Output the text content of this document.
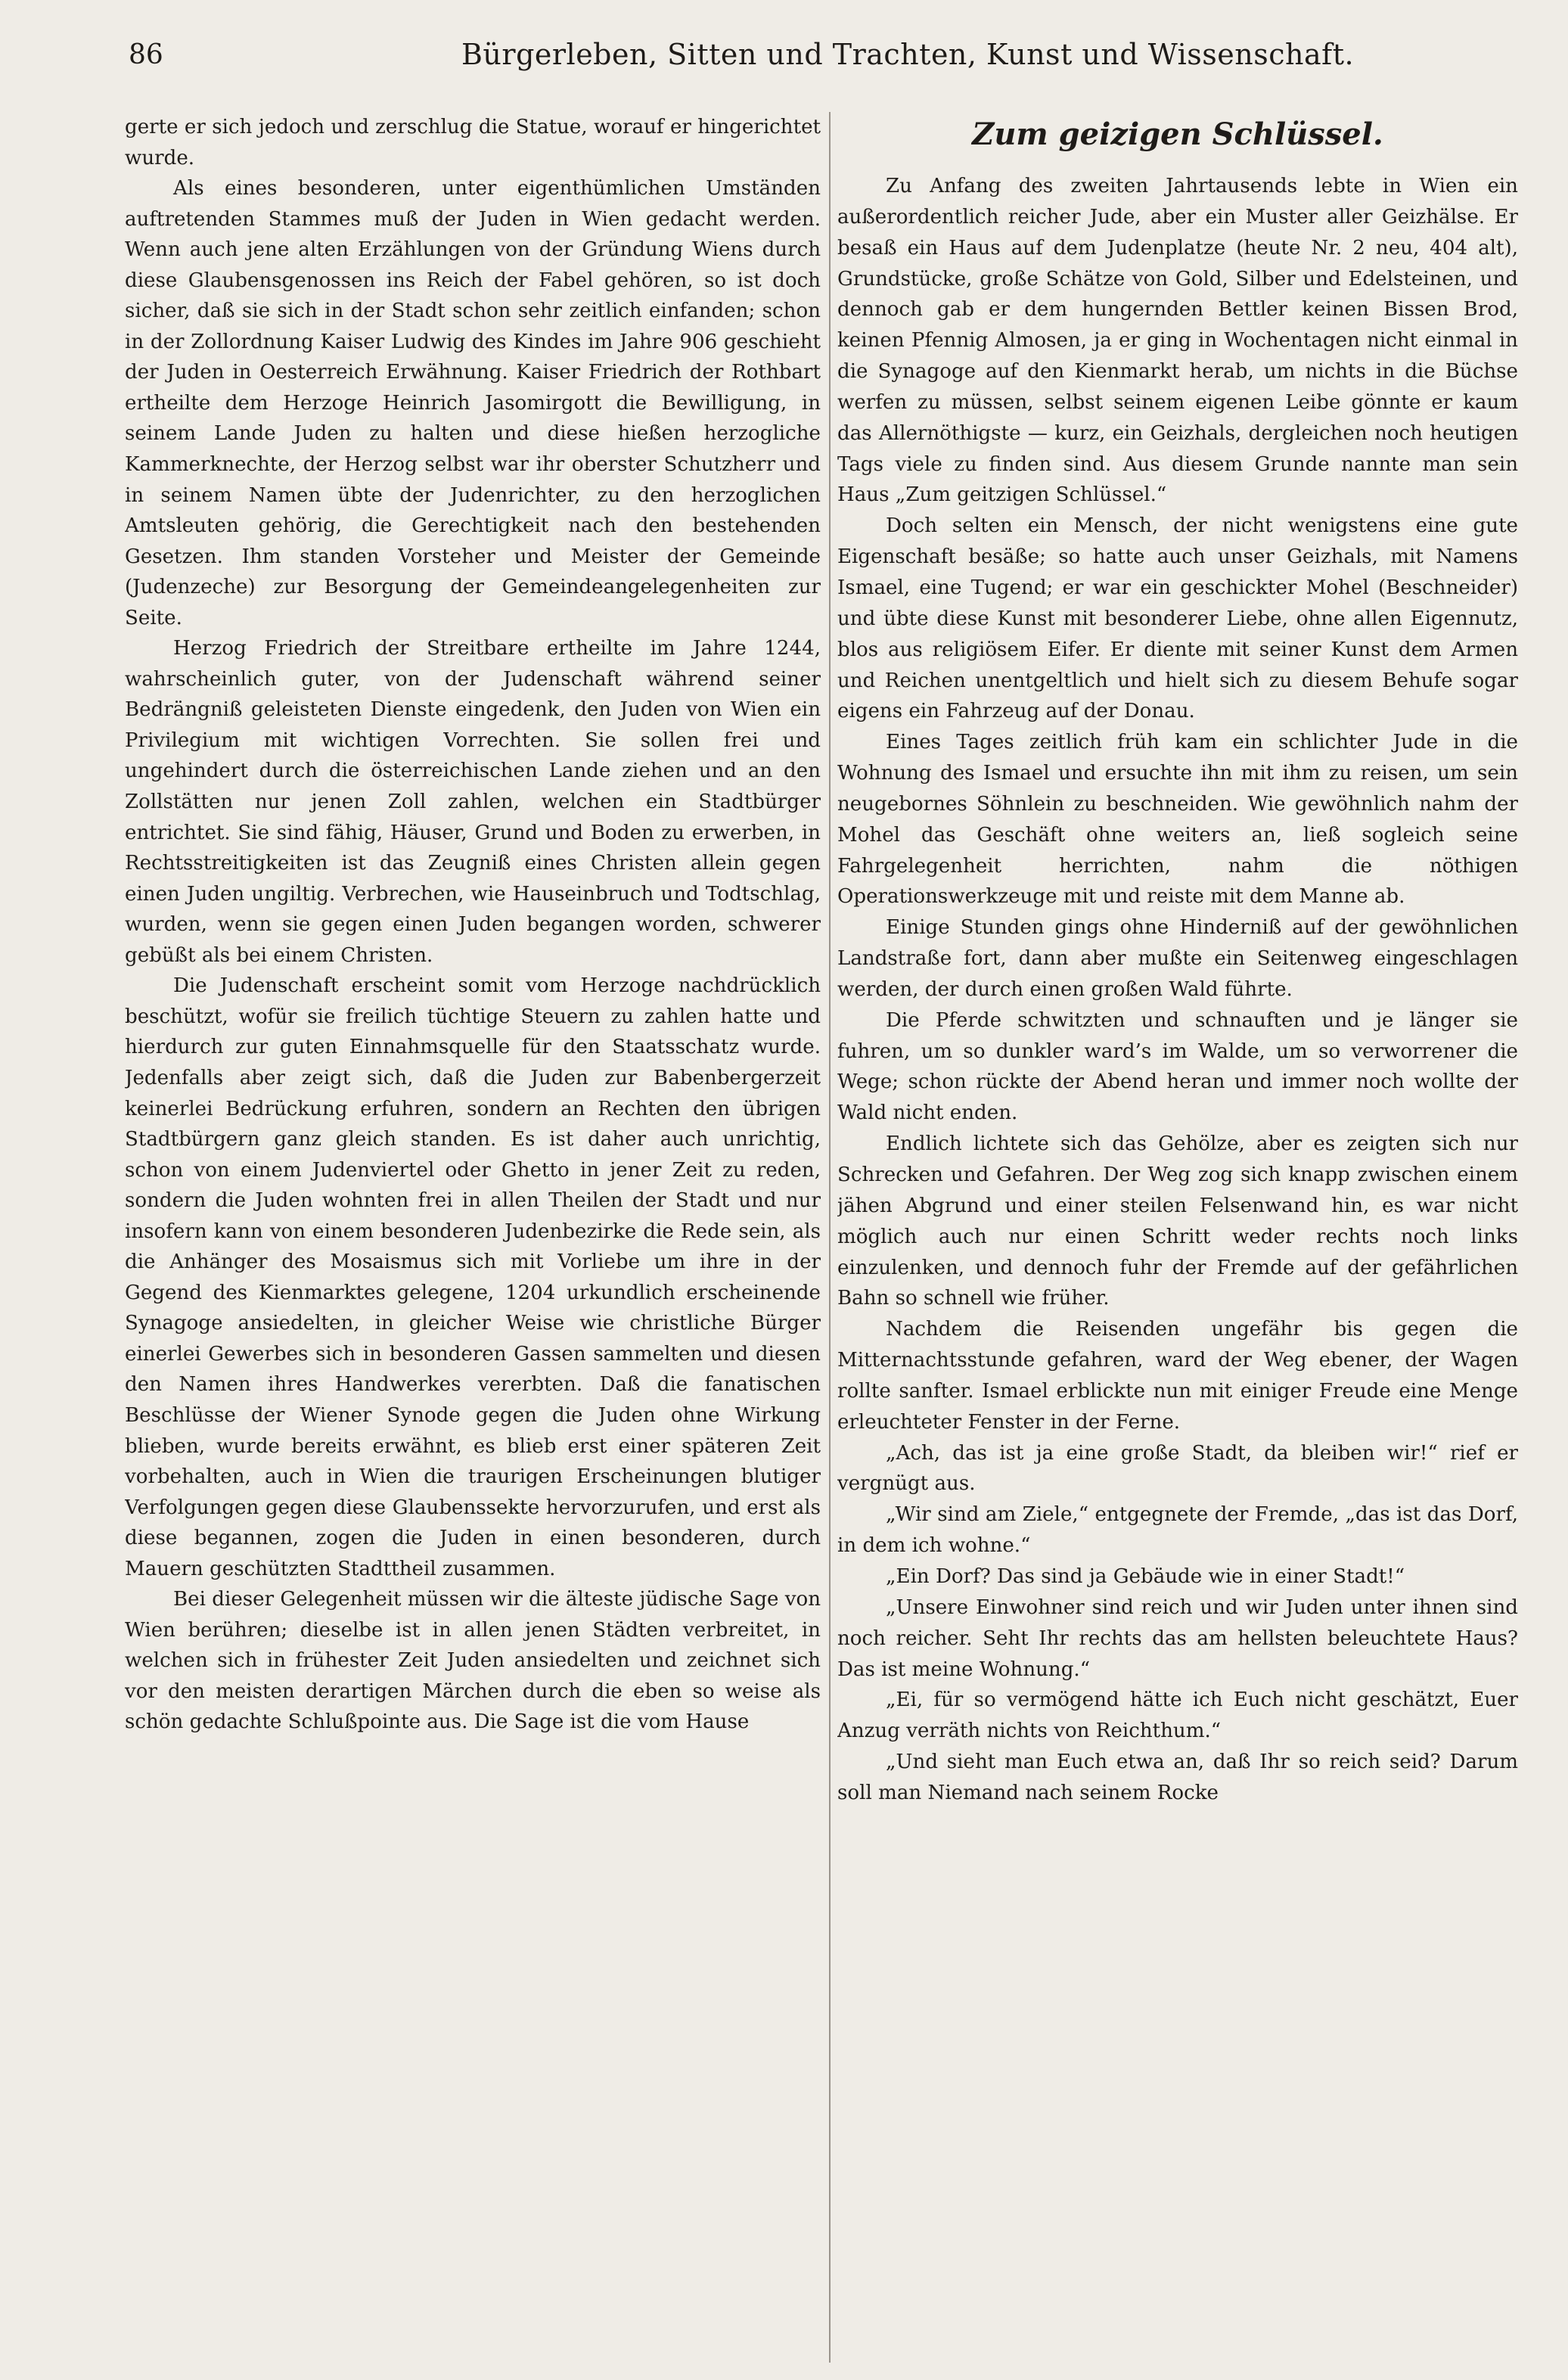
86	Bürgerleben, Sitten und Trachten, Kunst und Wissenschaft.

gerte er sich jedoch und zerschlug die Statue, worauf er hingerichtet wurde.

Als eines besonderen, unter eigenthümlichen Umständen auftretenden Stammes muß der Juden in Wien gedacht werden. Wenn auch jene alten Erzählungen von der Gründung Wiens durch diese Glaubensgenossen ins Reich der Fabel gehören, so ist doch sicher, daß sie sich in der Stadt schon sehr zeitlich einfanden; schon in der Zollordnung Kaiser Ludwig des Kindes im Jahre 906 geschieht der Juden in Oesterreich Erwähnung. Kaiser Friedrich der Rothbart ertheilte dem Herzoge Heinrich Jasomirgott die Bewilligung, in seinem Lande Juden zu halten und diese hießen herzogliche Kammerknechte, der Herzog selbst war ihr oberster Schutzherr und in seinem Namen übte der Judenrichter, zu den herzoglichen Amtsleuten gehörig, die Gerechtigkeit nach den bestehenden Gesetzen. Ihm standen Vorsteher und Meister der Gemeinde (Judenzeche) zur Besorgung der Gemeindeangelegenheiten zur Seite.

Herzog Friedrich der Streitbare ertheilte im Jahre 1244, wahrscheinlich guter, von der Judenschaft während seiner Bedrängniß geleisteten Dienste eingedenk, den Juden von Wien ein Privilegium mit wichtigen Vorrechten. Sie sollen frei und ungehindert durch die österreichischen Lande ziehen und an den Zollstätten nur jenen Zoll zahlen, welchen ein Stadtbürger entrichtet. Sie sind fähig, Häuser, Grund und Boden zu erwerben, in Rechtsstreitigkeiten ist das Zeugniß eines Christen allein gegen einen Juden ungiltig. Verbrechen, wie Hauseinbruch und Todtschlag, wurden, wenn sie gegen einen Juden begangen worden, schwerer gebüßt als bei einem Christen.

Die Judenschaft erscheint somit vom Herzoge nachdrücklich beschützt, wofür sie freilich tüchtige Steuern zu zahlen hatte und hierdurch zur guten Einnahmsquelle für den Staatsschatz wurde. Jedenfalls aber zeigt sich, daß die Juden zur Babenbergerzeit keinerlei Bedrückung erfuhren, sondern an Rechten den übrigen Stadtbürgern ganz gleich standen. Es ist daher auch unrichtig, schon von einem Judenviertel oder Ghetto in jener Zeit zu reden, sondern die Juden wohnten frei in allen Theilen der Stadt und nur insofern kann von einem besonderen Judenbezirke die Rede sein, als die Anhänger des Mosaismus sich mit Vorliebe um ihre in der Gegend des Kienmarktes gelegene, 1204 urkundlich erscheinende Synagoge ansiedelten, in gleicher Weise wie christliche Bürger einerlei Gewerbes sich in besonderen Gassen sammelten und diesen den Namen ihres Handwerkes vererbten. Daß die fanatischen Beschlüsse der Wiener Synode gegen die Juden ohne Wirkung blieben, wurde bereits erwähnt, es blieb erst einer späteren Zeit vorbehalten, auch in Wien die traurigen Erscheinungen blutiger Verfolgungen gegen diese Glaubenssekte hervorzurufen, und erst als diese begannen, zogen die Juden in einen besonderen, durch Mauern geschützten Stadttheil zusammen.

Bei dieser Gelegenheit müssen wir die älteste jüdische Sage von Wien berühren; dieselbe ist in allen jenen Städten verbreitet, in welchen sich in frühester Zeit Juden ansiedelten und zeichnet sich vor den meisten derartigen Märchen durch die eben so weise als schön gedachte Schlußpointe aus. Die Sage ist die vom Hause

Zum geizigen Schlüssel.

Zu Anfang des zweiten Jahrtausends lebte in Wien ein außerordentlich reicher Jude, aber ein Muster aller Geizhälse. Er besaß ein Haus auf dem Judenplatze (heute Nr. 2 neu, 404 alt), Grundstücke, große Schätze von Gold, Silber und Edelsteinen, und dennoch gab er dem hungernden Bettler keinen Bissen Brod, keinen Pfennig Almosen, ja er ging in Wochentagen nicht einmal in die Synagoge auf den Kienmarkt herab, um nichts in die Büchse werfen zu müssen, selbst seinem eigenen Leibe gönnte er kaum das Allernöthigste — kurz, ein Geizhals, dergleichen noch heutigen Tags viele zu finden sind. Aus diesem Grunde nannte man sein Haus „Zum geitzigen Schlüssel.“

Doch selten ein Mensch, der nicht wenigstens eine gute Eigenschaft besäße; so hatte auch unser Geizhals, mit Namens Ismael, eine Tugend; er war ein geschickter Mohel (Beschneider) und übte diese Kunst mit besonderer Liebe, ohne allen Eigennutz, blos aus religiösem Eifer. Er diente mit seiner Kunst dem Armen und Reichen unentgeltlich und hielt sich zu diesem Behufe sogar eigens ein Fahrzeug auf der Donau.

Eines Tages zeitlich früh kam ein schlichter Jude in die Wohnung des Ismael und ersuchte ihn mit ihm zu reisen, um sein neugebornes Söhnlein zu beschneiden. Wie gewöhnlich nahm der Mohel das Geschäft ohne weiters an, ließ sogleich seine Fahrgelegenheit herrichten, nahm die nöthigen Operationswerkzeuge mit und reiste mit dem Manne ab.

Einige Stunden gings ohne Hinderniß auf der gewöhnlichen Landstraße fort, dann aber mußte ein Seitenweg eingeschlagen werden, der durch einen großen Wald führte.

Die Pferde schwitzten und schnauften und je länger sie fuhren, um so dunkler ward’s im Walde, um so verworrener die Wege; schon rückte der Abend heran und immer noch wollte der Wald nicht enden.

Endlich lichtete sich das Gehölze, aber es zeigten sich nur Schrecken und Gefahren. Der Weg zog sich knapp zwischen einem jähen Abgrund und einer steilen Felsenwand hin, es war nicht möglich auch nur einen Schritt weder rechts noch links einzulenken, und dennoch fuhr der Fremde auf der gefährlichen Bahn so schnell wie früher.

Nachdem die Reisenden ungefähr bis gegen die Mitternachtsstunde gefahren, ward der Weg ebener, der Wagen rollte sanfter. Ismael erblickte nun mit einiger Freude eine Menge erleuchteter Fenster in der Ferne.

„Ach, das ist ja eine große Stadt, da bleiben wir!“ rief er vergnügt aus.

„Wir sind am Ziele,“ entgegnete der Fremde, „das ist das Dorf, in dem ich wohne.“

„Ein Dorf? Das sind ja Gebäude wie in einer Stadt!“

„Unsere Einwohner sind reich und wir Juden unter ihnen sind noch reicher. Seht Ihr rechts das am hellsten beleuchtete Haus? Das ist meine Wohnung.“

„Ei, für so vermögend hätte ich Euch nicht geschätzt, Euer Anzug verräth nichts von Reichthum.“

„Und sieht man Euch etwa an, daß Ihr so reich seid? Darum soll man Niemand nach seinem Rocke
